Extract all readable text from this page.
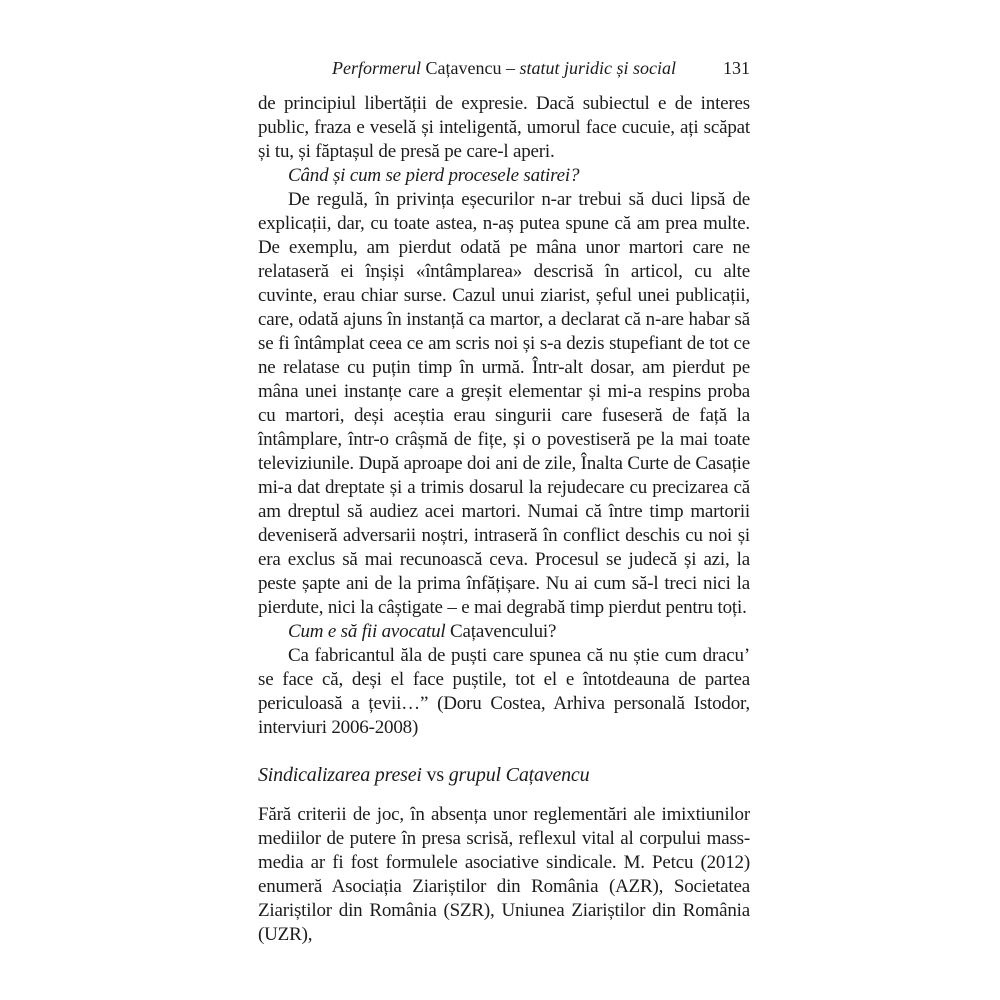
Performerul Cațavencu – statut juridic și social	131

de principiul libertății de expresie. Dacă subiectul e de interes public, fraza e veselă și inteligentă, umorul face cucuie, ați scăpat și tu, și făptașul de presă pe care-l aperi.

Când și cum se pierd procesele satirei?

De regulă, în privința eșecurilor n-ar trebui să duci lipsă de explicații, dar, cu toate astea, n-aș putea spune că am prea multe. De exemplu, am pierdut odată pe mâna unor martori care ne relataseră ei înșiși «întâmplarea» descrisă în articol, cu alte cuvinte, erau chiar surse. Cazul unui ziarist, șeful unei publicații, care, odată ajuns în instanță ca martor, a declarat că n-are habar să se fi întâmplat ceea ce am scris noi și s-a dezis stupefiant de tot ce ne relatase cu puțin timp în urmă. Într-alt dosar, am pierdut pe mâna unei instanțe care a greșit elementar și mi-a respins proba cu martori, deși aceștia erau singurii care fuseseră de față la întâmplare, într-o crâșmă de fițe, și o povestiseră pe la mai toate televiziunile. După aproape doi ani de zile, Înalta Curte de Casație mi-a dat dreptate și a trimis dosarul la rejudecare cu precizarea că am dreptul să audiez acei martori. Numai că între timp martorii deveniseră adversarii noștri, intraseră în conflict deschis cu noi și era exclus să mai recunoască ceva. Procesul se judecă și azi, la peste șapte ani de la prima înfățișare. Nu ai cum să-l treci nici la pierdute, nici la câștigate – e mai degrabă timp pierdut pentru toți.

Cum e să fii avocatul Cațavencului?

Ca fabricantul ăla de puști care spunea că nu știe cum dracu’ se face că, deși el face puștile, tot el e întotdeauna de partea periculoasă a țevii…” (Doru Costea, Arhiva personală Istodor, interviuri 2006-2008)

Sindicalizarea presei vs grupul Cațavencu

Fără criterii de joc, în absența unor reglementări ale imixtiunilor mediilor de putere în presa scrisă, reflexul vital al corpului mass-media ar fi fost formulele asociative sindicale. M. Petcu (2012) enumeră Asociația Ziariștilor din România (AZR), Societatea Ziariștilor din România (SZR), Uniunea Ziariștilor din România (UZR),
